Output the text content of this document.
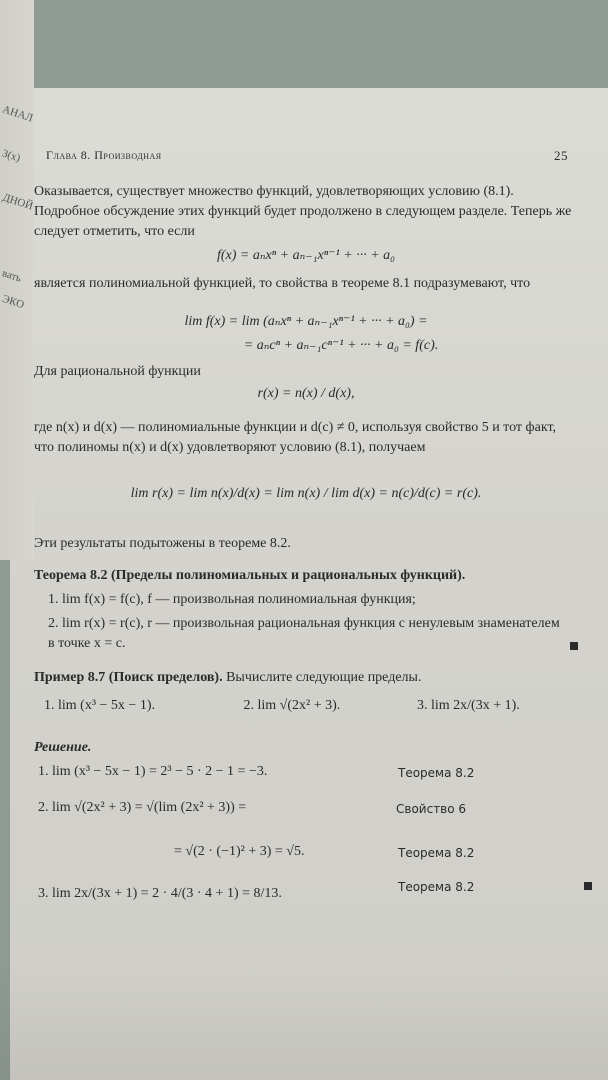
АНАЛ
3(x)
ДНОЙ
вать
ЭКО
Глава 8. Производная	25
Оказывается, существует множество функций, удовлетворяющих условию (8.1). Подробное обсуждение этих функций будет продолжено в следующем разделе. Теперь же следует отметить, что если
f(x) = aₙxⁿ + aₙ₋₁xⁿ⁻¹ + ··· + a₀
является полиномиальной функцией, то свойства в теореме 8.1 подразумевают, что
lim f(x) = lim (aₙxⁿ + aₙ₋₁xⁿ⁻¹ + ··· + a₀) =
= aₙcⁿ + aₙ₋₁cⁿ⁻¹ + ··· + a₀ = f(c).
Для рациональной функции
r(x) = n(x) / d(x),
где n(x) и d(x) — полиномиальные функции и d(c) ≠ 0, используя свойство 5 и тот факт, что полиномы n(x) и d(x) удовлетворяют условию (8.1), получаем
lim r(x) = lim n(x)/d(x) = lim n(x) / lim d(x) = n(c)/d(c) = r(c).
Эти результаты подытожены в теореме 8.2.
Теорема 8.2 (Пределы полиномиальных и рациональных функций).
1. lim f(x) = f(c), f — произвольная полиномиальная функция;
2. lim r(x) = r(c), r — произвольная рациональная функция с ненулевым знаменателем в точке x = c.
Пример 8.7 (Поиск пределов). Вычислите следующие пределы.
1. lim (x³ − 5x − 1).	2. lim √(2x² + 3).	3. lim 2x/(3x + 1).
Решение.
1. lim (x³ − 5x − 1) = 2³ − 5 · 2 − 1 = −3.	Теорема 8.2
2. lim √(2x² + 3) = √(lim (2x² + 3)) =	Свойство 6
= √(2 · (−1)² + 3) = √5.	Теорема 8.2
3. lim 2x/(3x + 1) = 2 · 4/(3 · 4 + 1) = 8/13.	Теорема 8.2
